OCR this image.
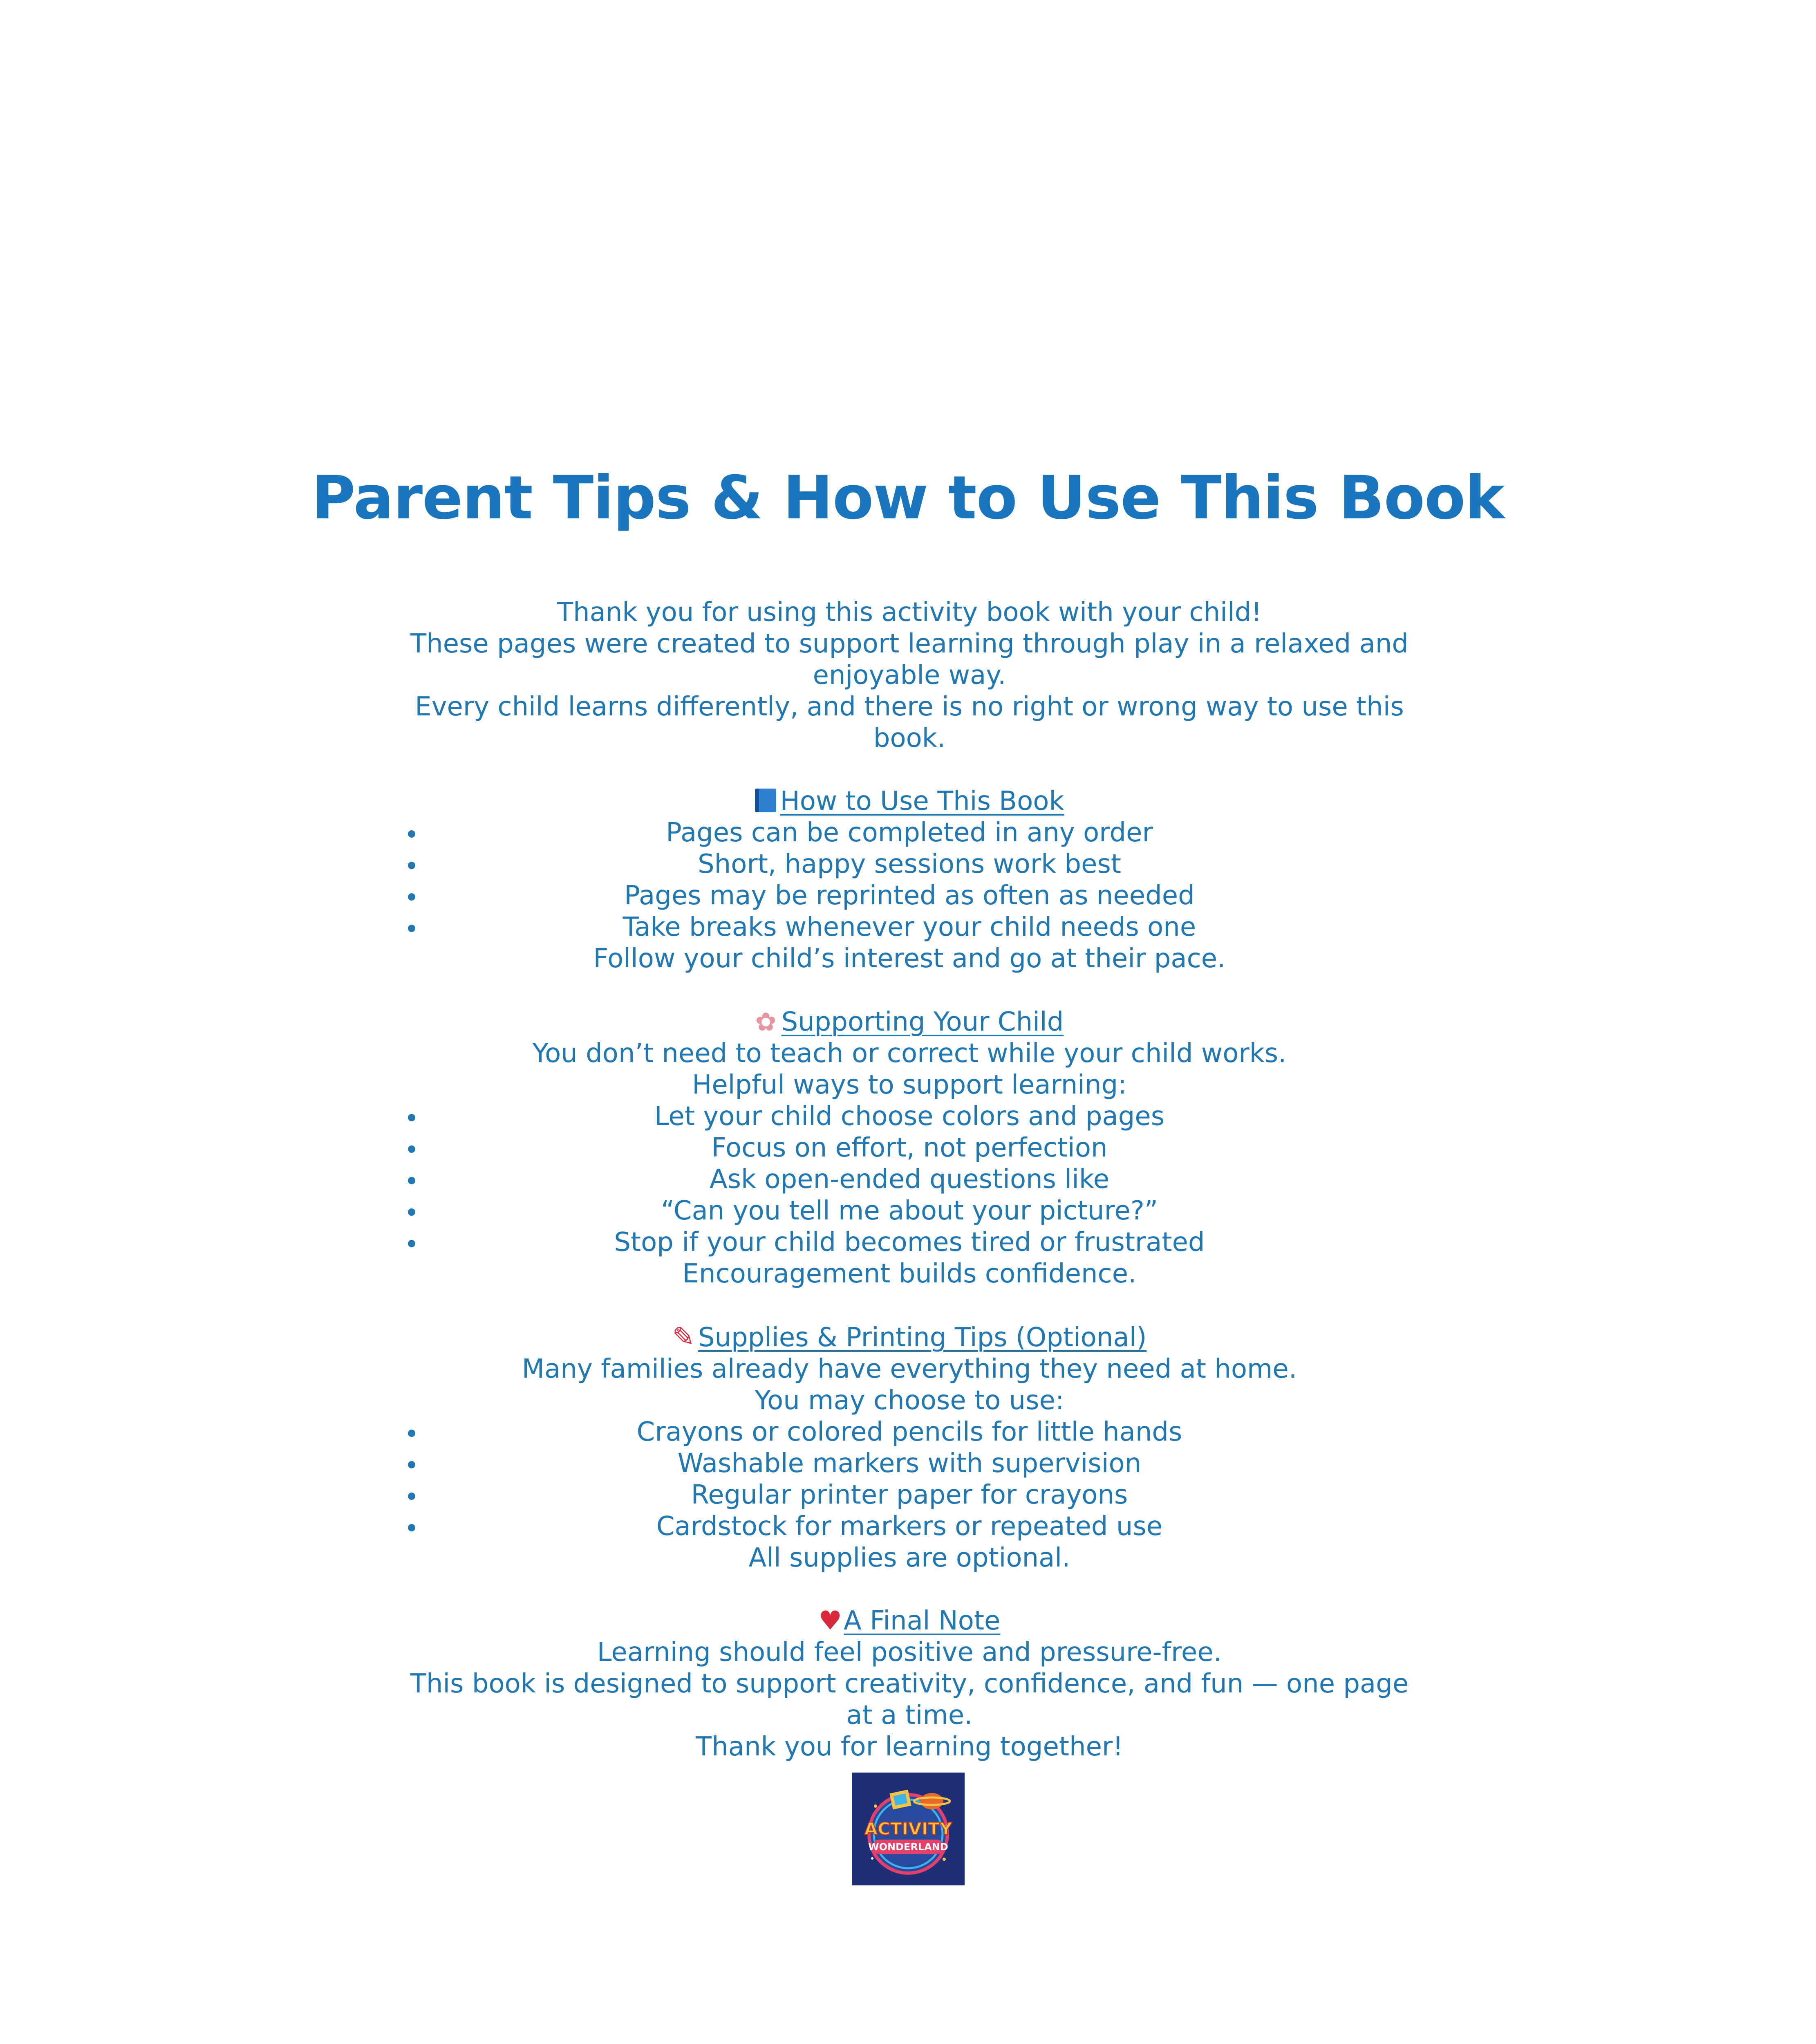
Parent Tips & How to Use This Book

Thank you for using this activity book with your child!

These pages were created to support learning through play in a relaxed and enjoyable way.

Every child learns differently, and there is no right or wrong way to use this book.

How to Use This Book

Pages can be completed in any order
Short, happy sessions work best
Pages may be reprinted as often as needed
Take breaks whenever your child needs one

Follow your child’s interest and go at their pace.

✿ Supporting Your Child

You don’t need to teach or correct while your child works.

Helpful ways to support learning:

Let your child choose colors and pages
Focus on effort, not perfection
Ask open-ended questions like
“Can you tell me about your picture?”
Stop if your child becomes tired or frustrated

Encouragement builds confidence.

✎ Supplies & Printing Tips (Optional)

Many families already have everything they need at home.

You may choose to use:

Crayons or colored pencils for little hands
Washable markers with supervision
Regular printer paper for crayons
Cardstock for markers or repeated use

All supplies are optional.

♥A Final Note

Learning should feel positive and pressure-free.

This book is designed to support creativity, confidence, and fun — one page at a time.

Thank you for learning together!

ACTIVITY
WONDERLAND
